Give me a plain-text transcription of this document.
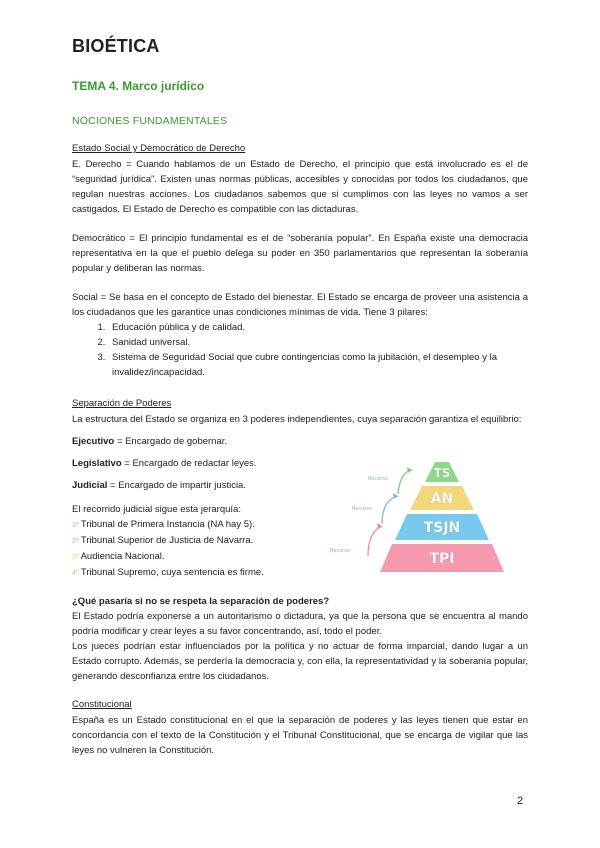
BIOÉTICA
TEMA 4. Marco jurídico
NOCIONES FUNDAMENTALES
Estado Social y Democrático de Derecho

E. Derecho = Cuando hablamos de un Estado de Derecho, el principio que está involucrado es el de “seguridad jurídica”. Existen unas normas públicas, accesibles y conocidas por todos los ciudadanos, que regulan nuestras acciones. Los ciudadanos sabemos que si cumplimos con las leyes no vamos a ser castigados. El Estado de Derecho es compatible con las dictaduras.

Democrático = El principio fundamental es el de “soberanía popular”. En España existe una democracia representativa en la que el pueblo delega su poder en 350 parlamentarios que representan la soberanía popular y deliberan las normas.

Social = Se basa en el concepto de Estado del bienestar. El Estado se encarga de proveer una asistencia a los ciudadanos que les garantice unas condiciones mínimas de vida. Tiene 3 pilares:

1. Educación pública y de calidad.
2. Sanidad universal.
3. Sistema de Seguridad Social que cubre contingencias como la jubilación, el desempleo y la invalidez/incapacidad.
Separación de Poderes

La estructura del Estado se organiza en 3 poderes independientes, cuya separación garantiza el equilibrio:

Ejecutivo = Encargado de gobernar.
Legislativo = Encargado de redactar leyes.
Judicial = Encargado de impartir justicia.
El recorrido judicial sigue esta jerarquía:
1º Tribunal de Primera Instancia (NA hay 5).
2º Tribunal Superior de Justicia de Navarra.
3º Audiencia Nacional.
4º Tribunal Supremo, cuya sentencia es firme.
¿Qué pasaría si no se respeta la separación de poderes?

El Estado podría exponerse a un autoritarismo o dictadura, ya que la persona que se encuentra al mando podría modificar y crear leyes a su favor concentrando, así, todo el poder.

Los jueces podrían estar influenciados por la política y no actuar de forma imparcial, dando lugar a un Estado corrupto. Además, se perdería la democracia y, con ella, la representatividad y la soberanía popular, generando desconfianza entre los ciudadanos.

Constitucional

España es un Estado constitucional en el que la separación de poderes y las leyes tienen que estar en concordancia con el texto de la Constitución y el Tribunal Constitucional, que se encarga de vigilar que las leyes no vulneren la Constitución.

TS
AN
TSJN
TPI
Recurso
Recurso
Recurso
2
